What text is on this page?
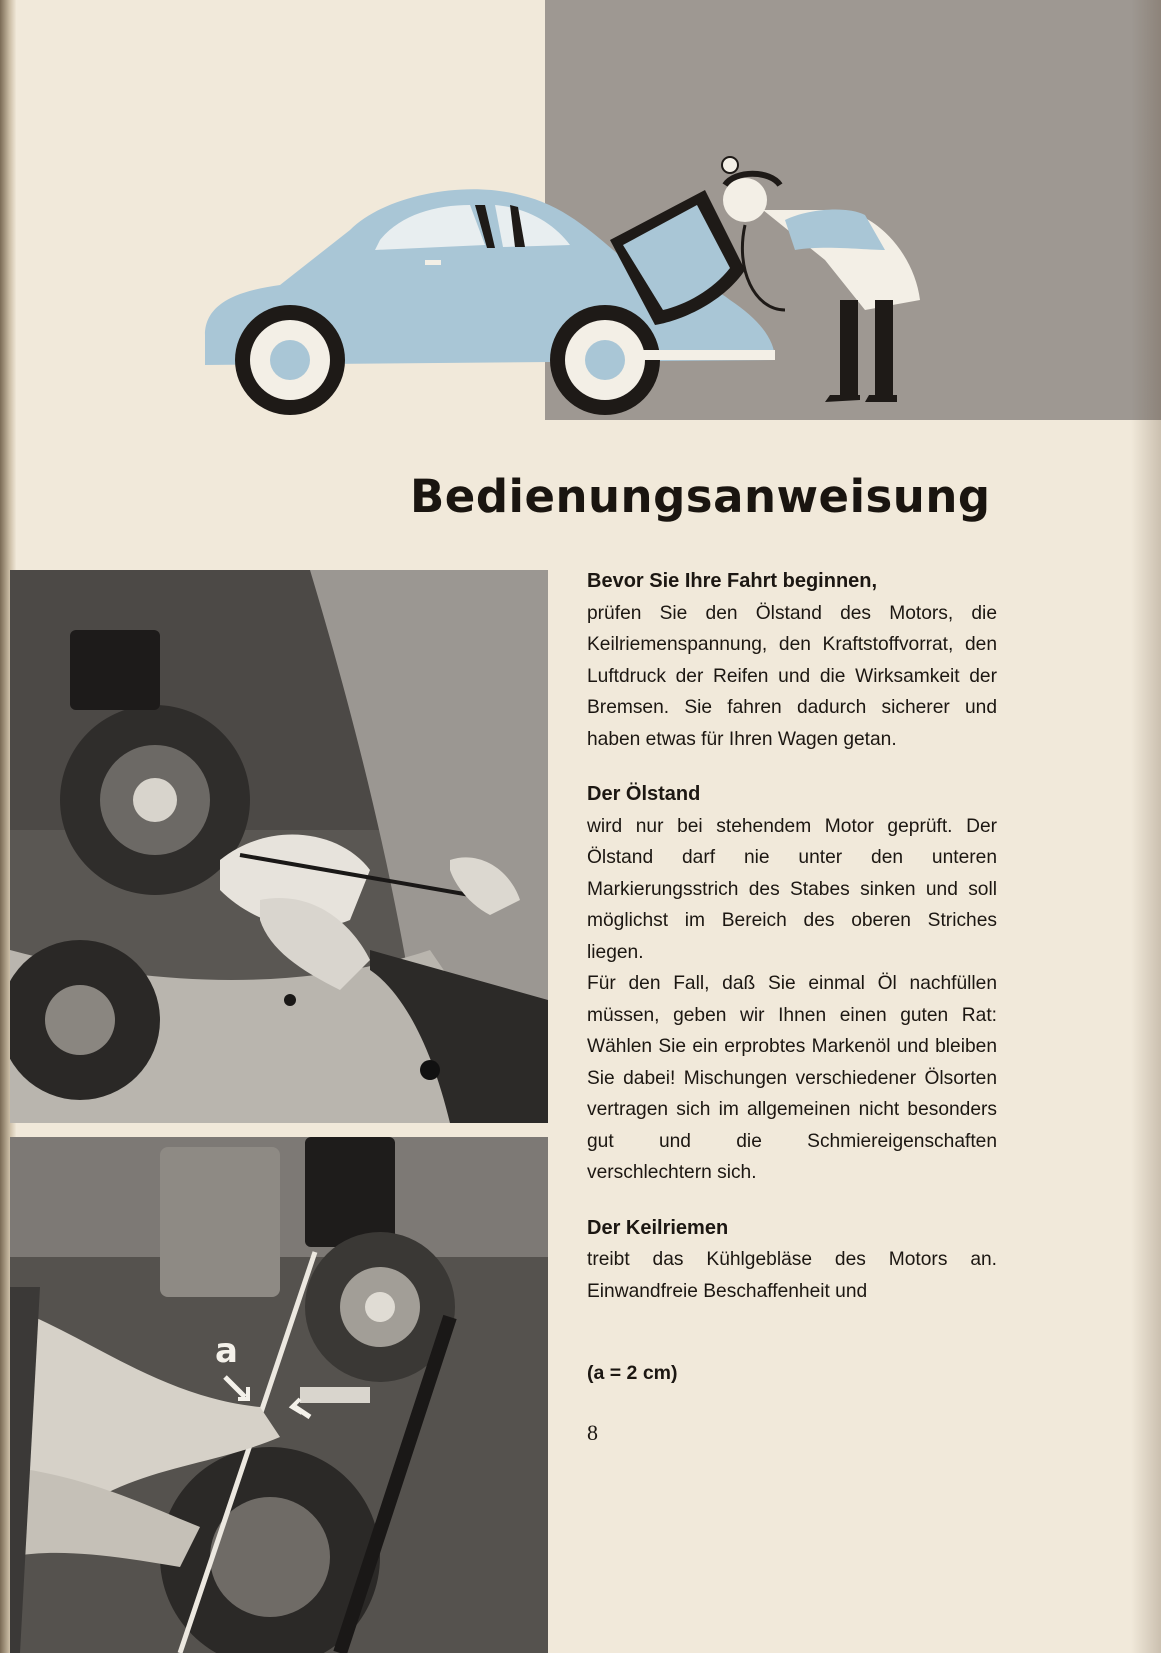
Bedienungsanweisung
a
Bevor Sie Ihre Fahrt beginnen,

prüfen Sie den Ölstand des Motors, die Keilriemenspannung, den Kraftstoffvorrat, den Luftdruck der Reifen und die Wirksamkeit der Bremsen. Sie fahren dadurch sicherer und haben etwas für Ihren Wagen getan.

Der Ölstand

wird nur bei stehendem Motor geprüft. Der Ölstand darf nie unter den unteren Markierungsstrich des Stabes sinken und soll möglichst im Bereich des oberen Striches liegen.

Für den Fall, daß Sie einmal Öl nachfüllen müssen, geben wir Ihnen einen guten Rat: Wählen Sie ein erprobtes Markenöl und bleiben Sie dabei! Mischungen verschiedener Ölsorten vertragen sich im allgemeinen nicht besonders gut und die Schmiereigenschaften verschlechtern sich.

Der Keilriemen

treibt das Kühlgebläse des Motors an. Einwandfreie Beschaffenheit und

(a = 2 cm)
8
